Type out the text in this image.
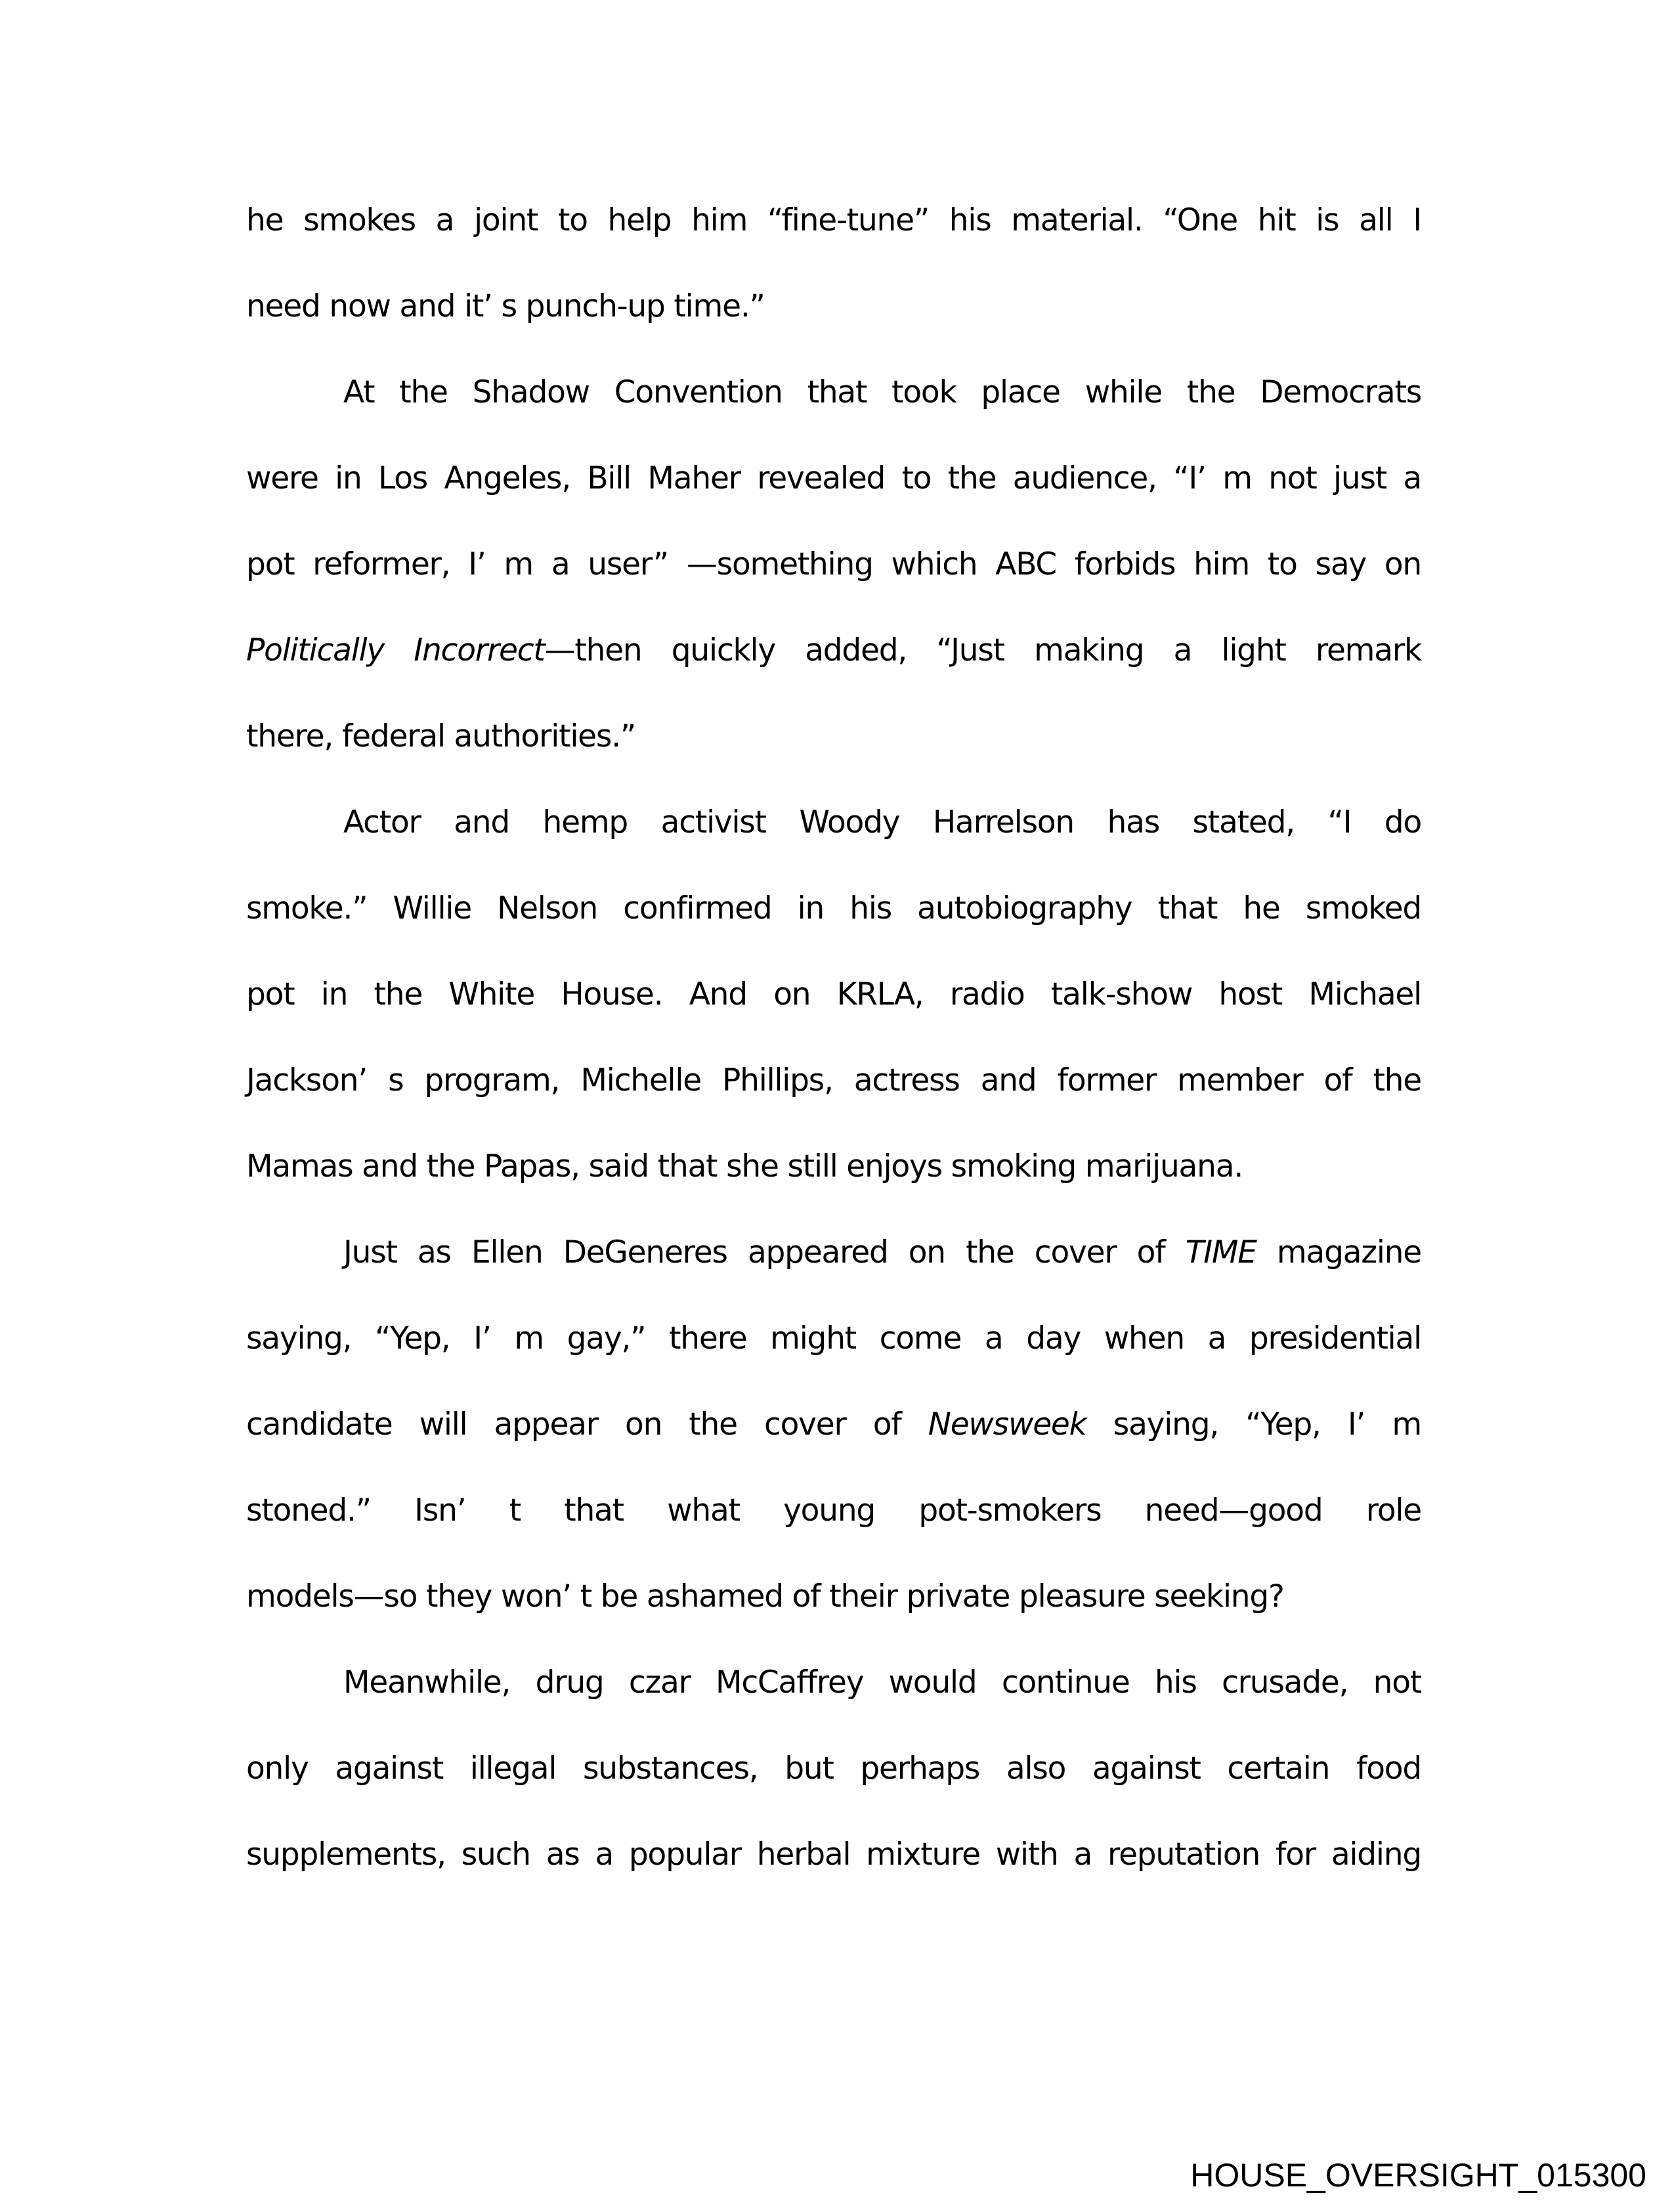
he smokes a joint to help him “fine-tune” his material. “One hit is all I
need now and it’ s punch-up time.”
At the Shadow Convention that took place while the Democrats
were in Los Angeles, Bill Maher revealed to the audience, “I’ m not just a
pot reformer, I’ m a user” —something which ABC forbids him to say on
Politically Incorrect—then quickly added, “Just making a light remark
there, federal authorities.”
Actor and hemp activist Woody Harrelson has stated, “I do
smoke.” Willie Nelson confirmed in his autobiography that he smoked
pot in the White House. And on KRLA, radio talk-show host Michael
Jackson’ s program, Michelle Phillips, actress and former member of the
Mamas and the Papas, said that she still enjoys smoking marijuana.
Just as Ellen DeGeneres appeared on the cover of TIME magazine
saying, “Yep, I’ m gay,” there might come a day when a presidential
candidate will appear on the cover of Newsweek saying, “Yep, I’ m
stoned.” Isn’ t that what young pot-smokers need—good role
models—so they won’ t be ashamed of their private pleasure seeking?
Meanwhile, drug czar McCaffrey would continue his crusade, not
only against illegal substances, but perhaps also against certain food
supplements, such as a popular herbal mixture with a reputation for aiding
HOUSE_OVERSIGHT_015300
